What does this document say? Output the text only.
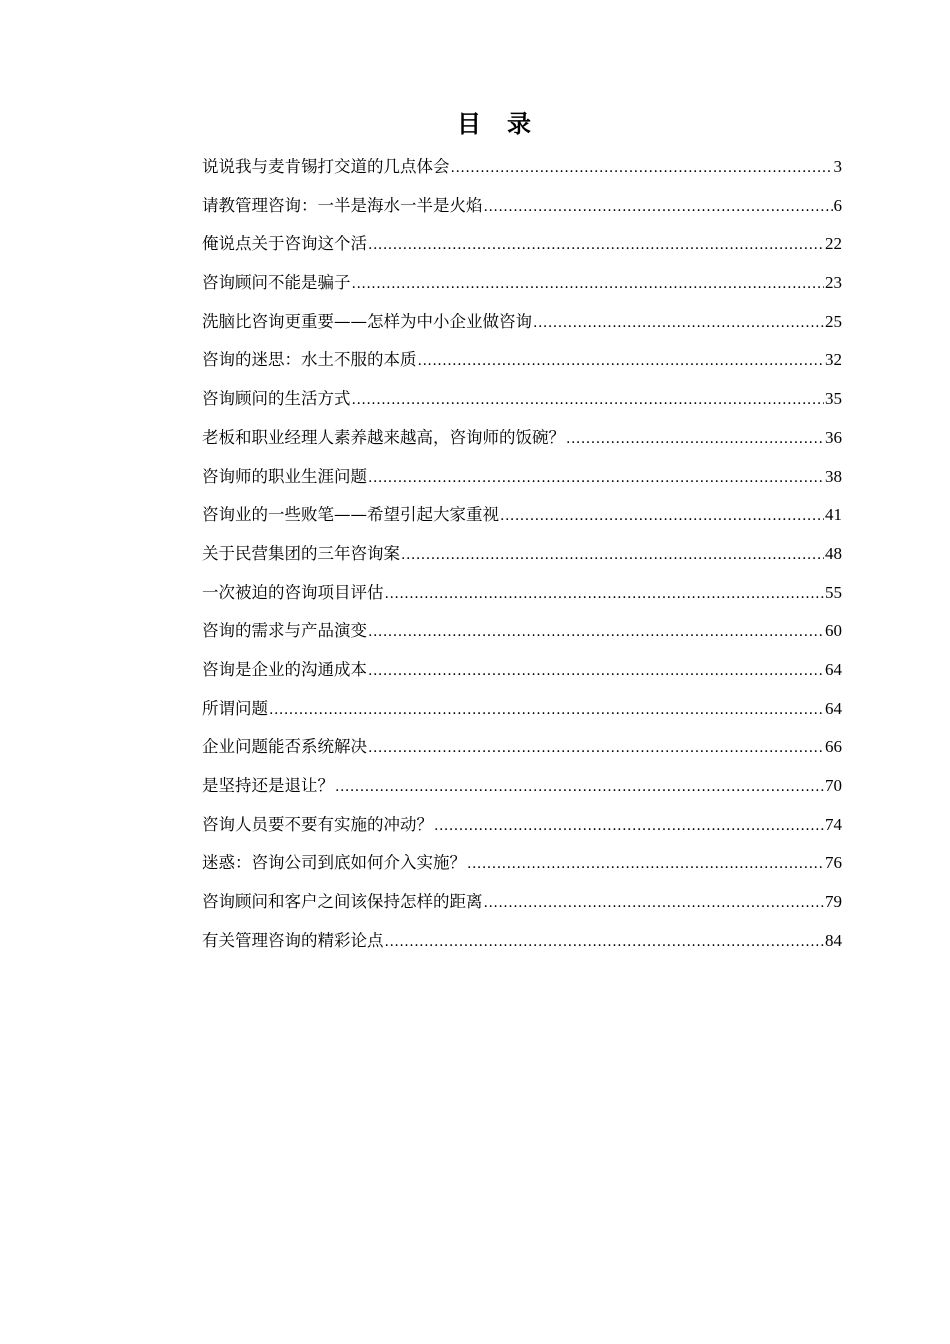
目 录
说说我与麦肯锡打交道的几点体会 .....	3
请教管理咨询：一半是海水一半是火焰 .....	6
俺说点关于咨询这个活 .....	22
咨询顾问不能是骗子 .....	23
洗脑比咨询更重要——怎样为中小企业做咨询 .....	25
咨询的迷思：水土不服的本质 .....	32
咨询顾问的生活方式 .....	35
老板和职业经理人素养越来越高，咨询师的饭碗？ .....	36
咨询师的职业生涯问题 .....	38
咨询业的一些败笔——希望引起大家重视 .....	41
关于民营集团的三年咨询案 .....	48
一次被迫的咨询项目评估 .....	55
咨询的需求与产品演变 .....	60
咨询是企业的沟通成本 .....	64
所谓问题 .....	64
企业问题能否系统解决 .....	66
是坚持还是退让？ .....	70
咨询人员要不要有实施的冲动？ .....	74
迷惑：咨询公司到底如何介入实施？ .....	76
咨询顾问和客户之间该保持怎样的距离 .....	79
有关管理咨询的精彩论点 .....	84
